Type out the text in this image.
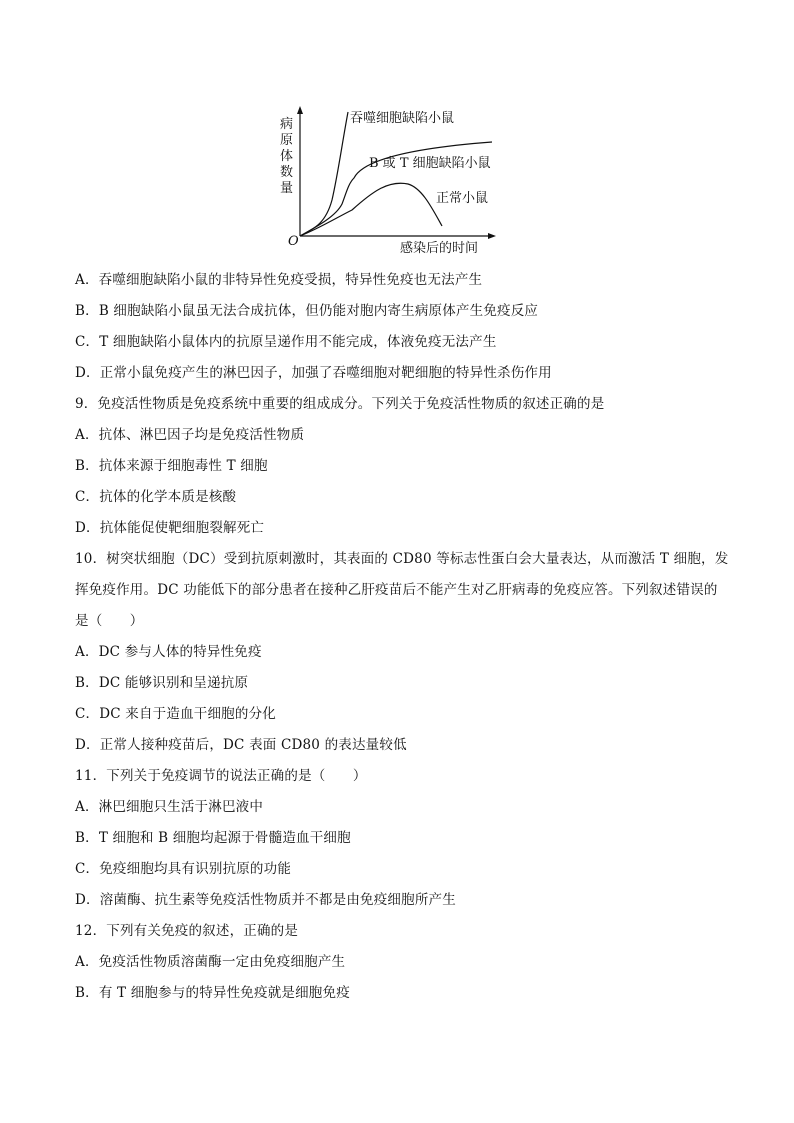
病
原
体
数
量
O	感染后的时间
吞噬细胞缺陷小鼠
B 或 T 细胞缺陷小鼠
正常小鼠
A．吞噬细胞缺陷小鼠的非特异性免疫受损，特异性免疫也无法产生
B．B 细胞缺陷小鼠虽无法合成抗体，但仍能对胞内寄生病原体产生免疫反应
C．T 细胞缺陷小鼠体内的抗原呈递作用不能完成，体液免疫无法产生
D．正常小鼠免疫产生的淋巴因子，加强了吞噬细胞对靶细胞的特异性杀伤作用
9．免疫活性物质是免疫系统中重要的组成成分。下列关于免疫活性物质的叙述正确的是
A．抗体、淋巴因子均是免疫活性物质
B．抗体来源于细胞毒性 T 细胞
C．抗体的化学本质是核酸
D．抗体能促使靶细胞裂解死亡
10．树突状细胞（DC）受到抗原刺激时，其表面的 CD80 等标志性蛋白会大量表达，从而激活 T 细胞，发
挥免疫作用。DC 功能低下的部分患者在接种乙肝疫苗后不能产生对乙肝病毒的免疫应答。下列叙述错误的
是（　　）
A．DC 参与人体的特异性免疫
B．DC 能够识别和呈递抗原
C．DC 来自于造血干细胞的分化
D．正常人接种疫苗后，DC 表面 CD80 的表达量较低
11．下列关于免疫调节的说法正确的是（　　）
A．淋巴细胞只生活于淋巴液中
B．T 细胞和 B 细胞均起源于骨髓造血干细胞
C．免疫细胞均具有识别抗原的功能
D．溶菌酶、抗生素等免疫活性物质并不都是由免疫细胞所产生
12．下列有关免疫的叙述，正确的是
A．免疫活性物质溶菌酶一定由免疫细胞产生
B．有 T 细胞参与的特异性免疫就是细胞免疫
